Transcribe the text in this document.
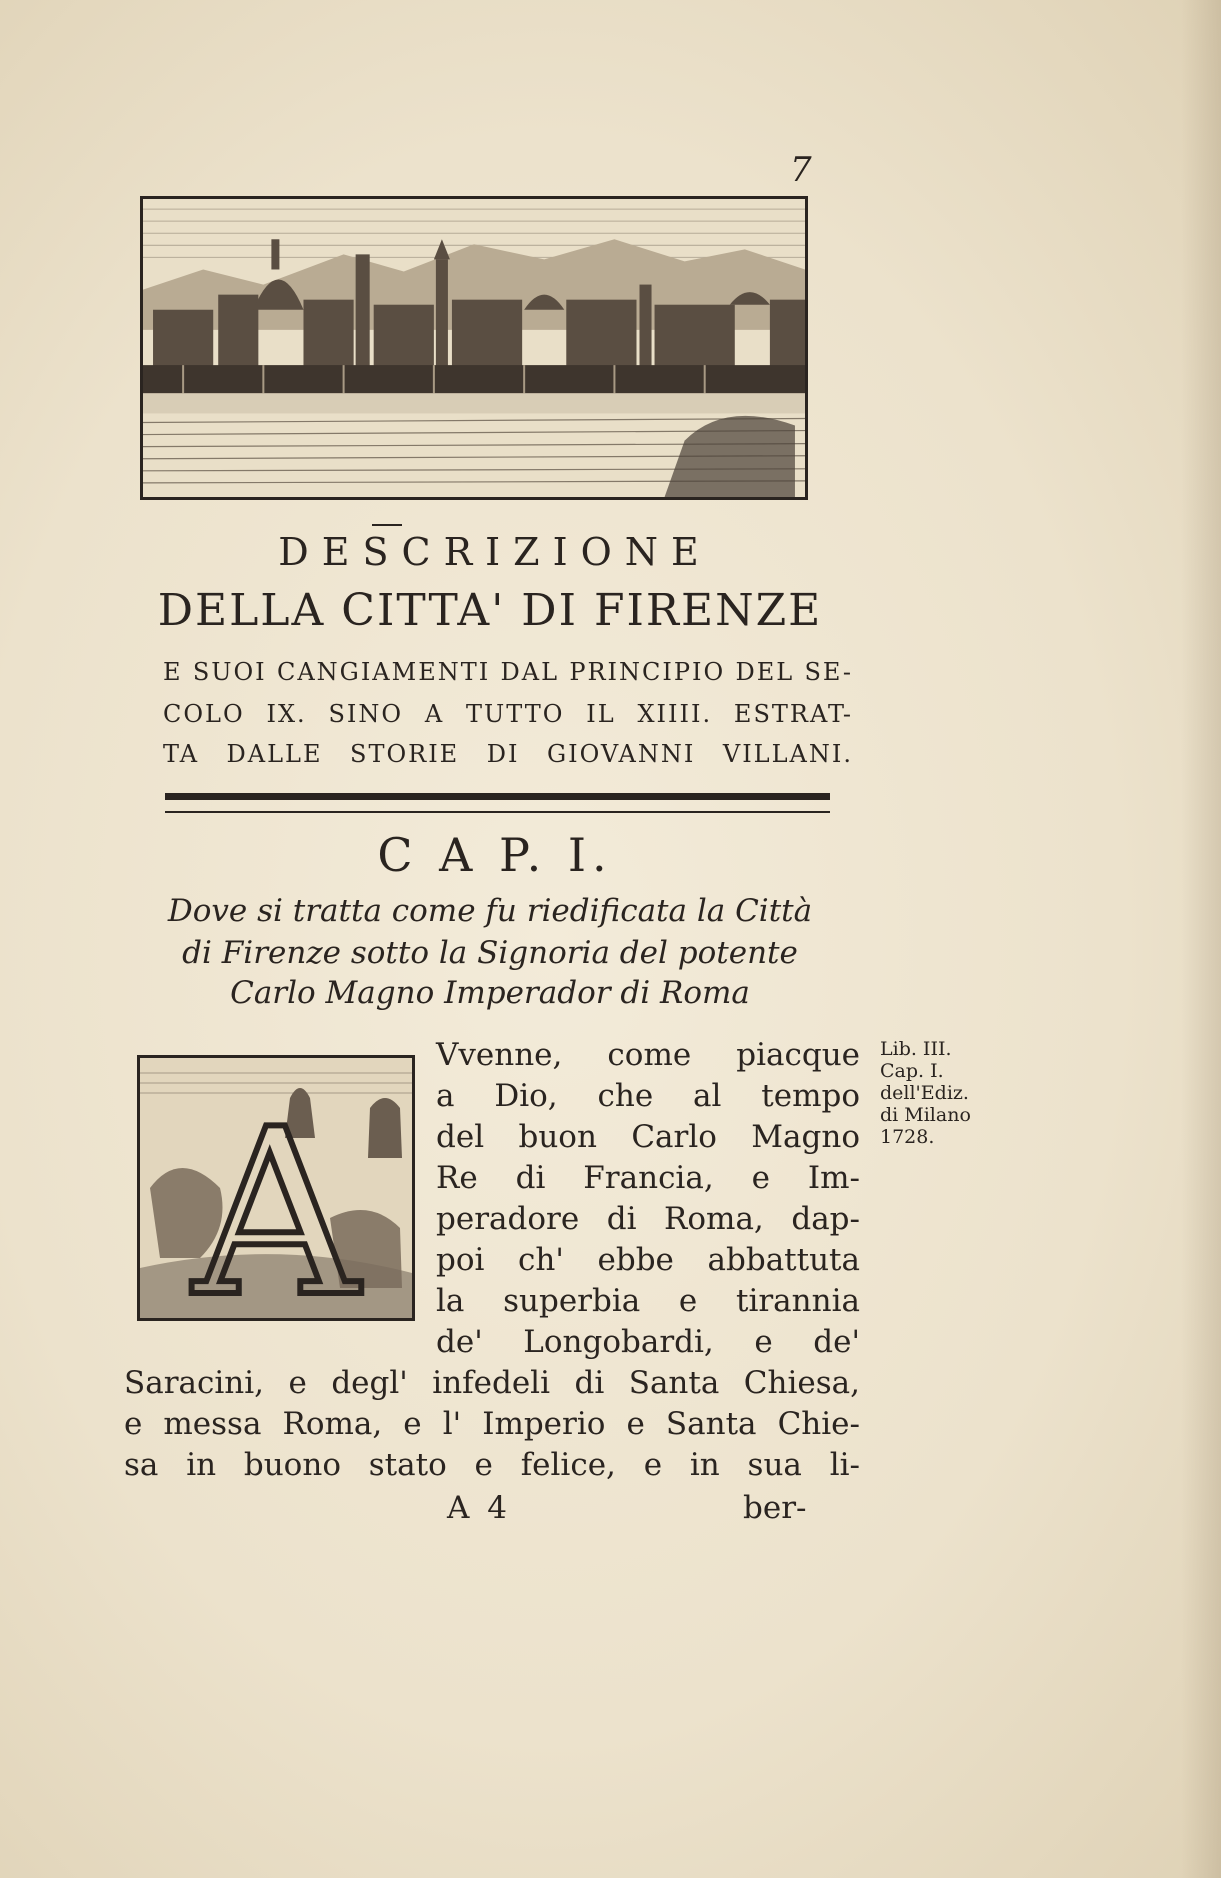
7
DESCRIZIONE
DELLA CITTA' DI FIRENZE
E SUOI CANGIAMENTI DAL PRINCIPIO DEL SE-
COLO IX. SINO A TUTTO IL XIIII. ESTRAT-
TA DALLE STORIE DI GIOVANNI VILLANI.
C A P. I.
Dove si tratta come fu riedificata la Città
di Firenze sotto la Signoria del potente
Carlo Magno Imperador di Roma
A
Vvenne, come piacque
a Dio, che al tempo
del buon Carlo Magno
Re di Francia, e Im-
peradore di Roma, dap-
poi ch' ebbe abbattuta
la superbia e tirannia
de' Longobardi, e de'
Saracini, e degl' infedeli di Santa Chiesa,
e messa Roma, e l' Imperio e Santa Chie-
sa in buono stato e felice, e in sua li-
Lib. III.
Cap. I.
dell'Ediz.
di Milano
1728.
A 4	ber-
